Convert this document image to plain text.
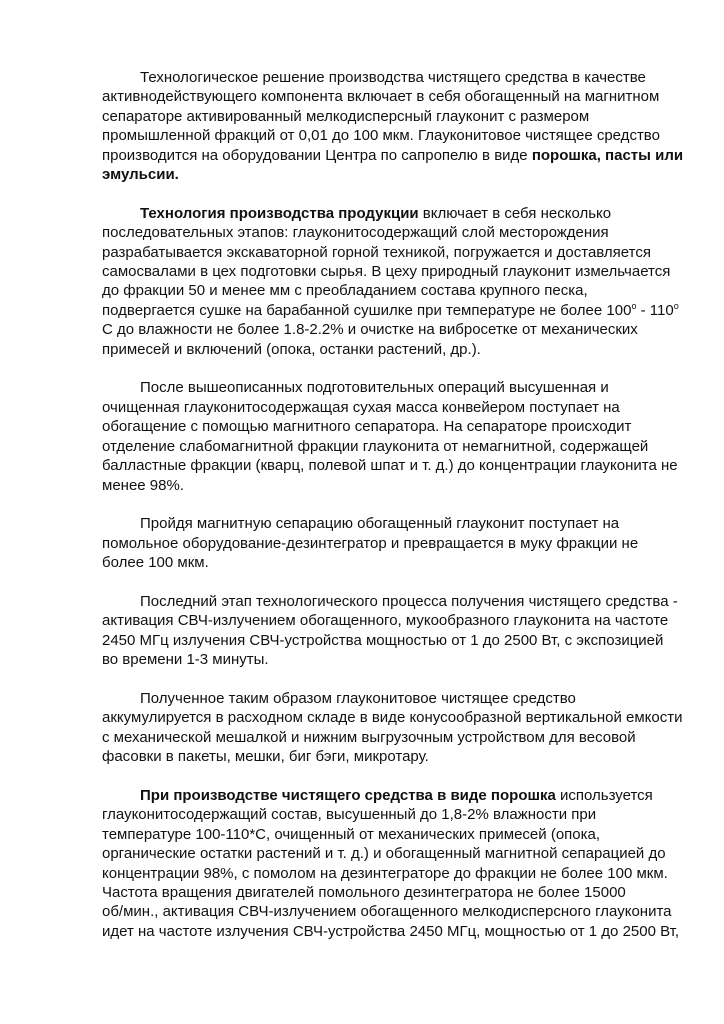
Технологическое решение производства чистящего средства в качестве
активнодействующего компонента включает в себя обогащенный на магнитном
сепараторе активированный мелкодисперсный глауконит с размером
промышленной фракций от 0,01 до 100 мкм. Глауконитовое чистящее средство
производится на оборудовании Центра по сапропелю в виде порошка, пасты или
эмульсии.

Технология производства продукции включает в себя несколько
последовательных этапов: глауконитосодержащий слой месторождения
разрабатывается экскаваторной горной техникой, погружается и доставляется
самосвалами в цех подготовки сырья. В цеху природный глауконит измельчается
до фракции 50 и менее мм с преобладанием состава крупного песка,
подвергается сушке на барабанной сушилке при температуре не более 100$^o$ - 110$^o$
С до влажности не более 1.8-2.2% и очистке на вибросетке от механических
примесей и включений (опока, останки растений, др.).

После вышеописанных подготовительных операций высушенная и
очищенная глауконитосодержащая сухая масса конвейером поступает на
обогащение с помощью магнитного сепаратора. На сепараторе происходит
отделение слабомагнитной фракции глауконита от немагнитной, содержащей
балластные фракции (кварц, полевой шпат и т. д.) до концентрации глауконита не
менее 98%.

Пройдя магнитную сепарацию обогащенный глауконит поступает на
помольное оборудование-дезинтегратор и превращается в муку фракции не
более 100 мкм.

Последний этап технологического процесса получения чистящего средства -
активация СВЧ-излучением обогащенного, мукообразного глауконита на частоте
2450 МГц излучения СВЧ-устройства мощностью от 1 до 2500 Вт, с экспозицией
во времени 1-3 минуты.

Полученное таким образом глауконитовое чистящее средство
аккумулируется в расходном складе в виде конусообразной вертикальной емкости
с механической мешалкой и нижним выгрузочным устройством для весовой
фасовки в пакеты, мешки, биг бэги, микротару.

При производстве чистящего средства в виде порошка используется
глауконитосодержащий состав, высушенный до 1,8-2% влажности при
температуре 100-110*С, очищенный от механических примесей (опока,
органические остатки растений и т. д.) и обогащенный магнитной сепарацией до
концентрации 98%, с помолом на дезинтеграторе до фракции не более 100 мкм.
Частота вращения двигателей помольного дезинтегратора не более 15000
об/мин., активация СВЧ-излучением обогащенного мелкодисперсного глауконита
идет на частоте излучения СВЧ-устройства 2450 МГц, мощностью от 1 до 2500 Вт,
